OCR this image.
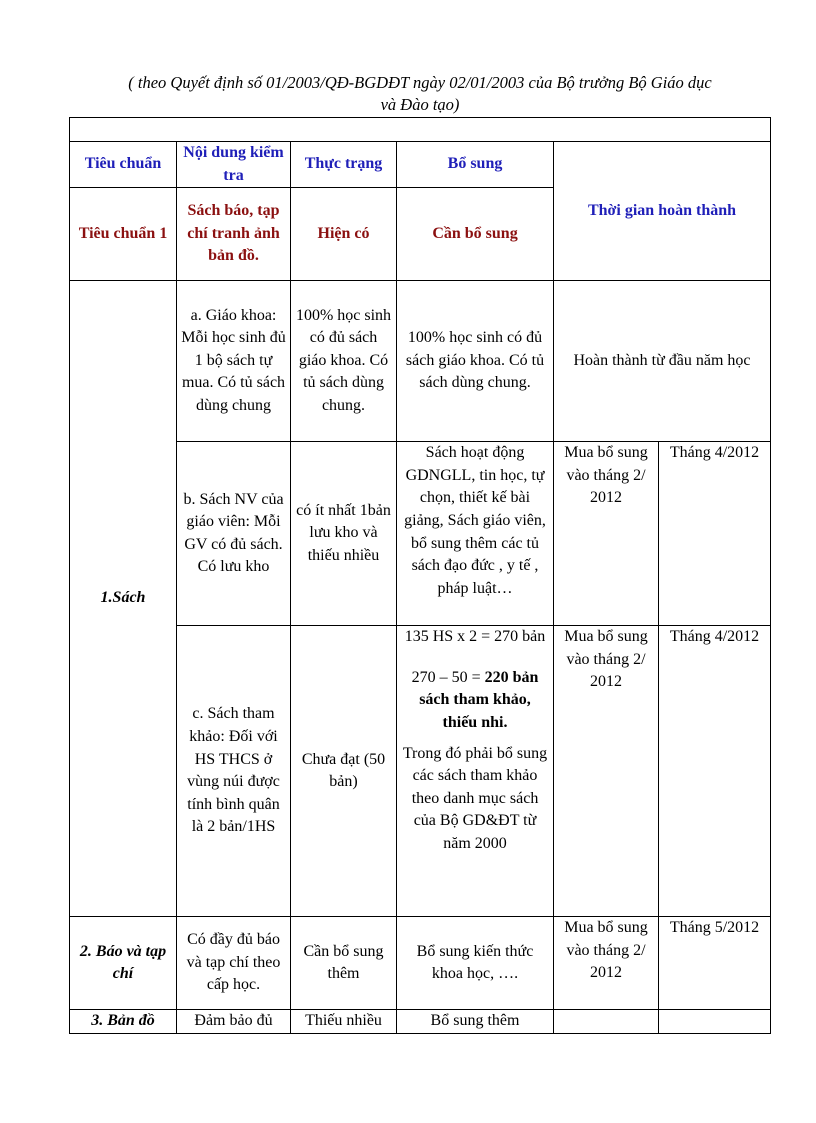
( theo Quyết định số 01/2003/QĐ-BGDĐT ngày 02/01/2003 của Bộ trưởng Bộ Giáo dục
và Đào tạo)

Tiêu chuẩn	Nội dung kiểm tra	Thực trạng	Bổ sung	Thời gian hoàn thành	
Tiêu chuẩn 1	Sách báo, tạp chí tranh ảnh bản đồ.	Hiện có	Cần bổ sung		
1.Sách	a. Giáo khoa: Mỗi học sinh đủ 1 bộ sách tự mua. Có tủ sách dùng chung	100% học sinh có đủ sách giáo khoa. Có tủ sách dùng chung.	100% học sinh có đủ sách giáo khoa. Có tủ sách dùng chung.	Hoàn thành từ đầu năm học	
	b. Sách NV của giáo viên: Mỗi GV có đủ sách. Có lưu kho	có ít nhất 1bản lưu kho và thiếu nhiều	Sách hoạt động GDNGLL, tin học, tự chọn, thiết kế bài giảng, Sách giáo viên, bổ sung thêm các tủ sách đạo đức , y tế , pháp luật…	Mua bổ sung vào tháng 2/ 2012	Tháng 4/2012
	c. Sách tham khảo: Đối với HS THCS ở vùng núi được tính bình quân là 2 bản/1HS	Chưa đạt (50 bản)	135 HS x 2 = 270 bản

270 – 50 = 220 bản sách tham khảo, thiếu nhi.

Trong đó phải bổ sung các sách tham khảo theo danh mục sách của Bộ GD&ĐT từ năm 2000	Mua bổ sung vào tháng 2/ 2012	Tháng 4/2012
2. Báo và tạp chí	Có đầy đủ báo và tạp chí theo cấp học.	Cần bổ sung thêm	Bổ sung kiến thức khoa học, ….	Mua bổ sung vào tháng 2/ 2012	Tháng 5/2012
3. Bản đồ	Đảm bảo đủ	Thiếu nhiều	Bổ sung thêm		
